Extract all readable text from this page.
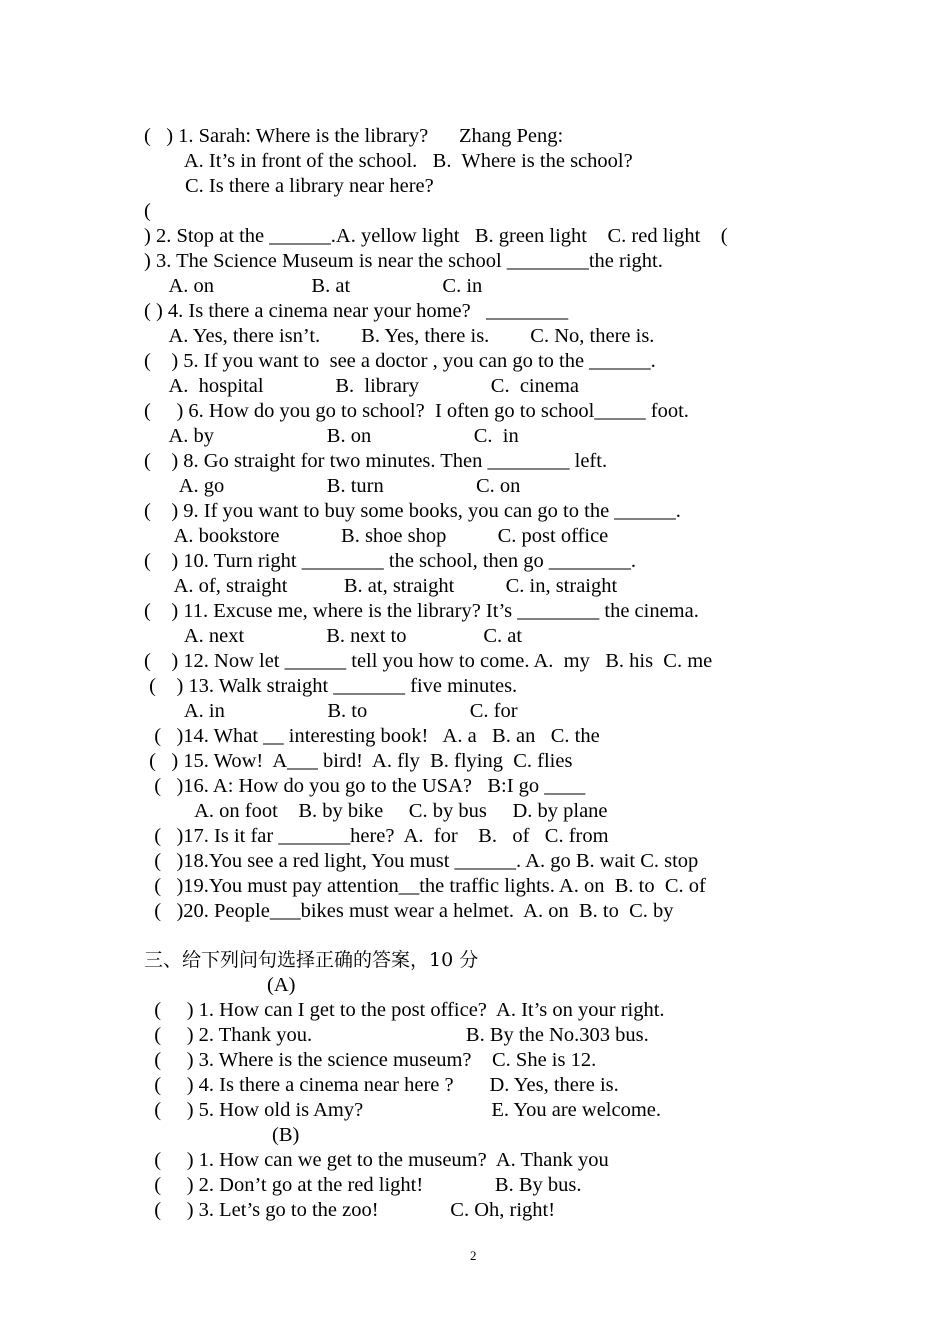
(   ) 1. Sarah: Where is the library?      Zhang Peng:
A. It’s in front of the school.   B.  Where is the school?
C. Is there a library near here?
(
) 2. Stop at the ______.A. yellow light   B. green light    C. red light    (
) 3. The Science Museum is near the school ________the right.
A. on                   B. at                  C. in
( ) 4. Is there a cinema near your home?   ________
A. Yes, there isn’t.        B. Yes, there is.        C. No, there is.
(    ) 5. If you want to  see a doctor , you can go to the ______.
A.  hospital              B.  library              C.  cinema
(     ) 6. How do you go to school?  I often go to school_____ foot.
A. by                      B. on                    C.  in
(    ) 8. Go straight for two minutes. Then ________ left.
A. go                    B. turn                  C. on
(    ) 9. If you want to buy some books, you can go to the ______.
A. bookstore            B. shoe shop          C. post office
(    ) 10. Turn right ________ the school, then go ________.
A. of, straight           B. at, straight          C. in, straight
(    ) 11. Excuse me, where is the library? It’s ________ the cinema.
A. next                B. next to               C. at
(    ) 12. Now let ______ tell you how to come. A.  my   B. his  C. me
(    ) 13. Walk straight _______ five minutes.
A. in                    B. to                    C. for
(   )14. What __ interesting book!   A. a   B. an   C. the
(   ) 15. Wow!  A___ bird!  A. fly  B. flying  C. flies
(   )16. A: How do you go to the USA?   B:I go ____
A. on foot    B. by bike     C. by bus     D. by plane
(   )17. Is it far _______here?  A.  for    B.   of   C. from
(   )18.You see a red light, You must ______. A. go B. wait C. stop
(   )19.You must pay attention__the traffic lights. A. on  B. to  C. of
(   )20. People___bikes must wear a helmet.  A. on  B. to  C. by
三、给下列问句选择正确的答案，10 分
(A)
(     ) 1. How can I get to the post office?  A. It’s on your right.
(     ) 2. Thank you.                              B. By the No.303 bus.
(     ) 3. Where is the science museum?    C. She is 12.
(     ) 4. Is there a cinema near here ?       D. Yes, there is.
(     ) 5. How old is Amy?                         E. You are welcome.
(B)
(     ) 1. How can we get to the museum?  A. Thank you
(     ) 2. Don’t go at the red light!              B. By bus.
(     ) 3. Let’s go to the zoo!              C. Oh, right!
2
